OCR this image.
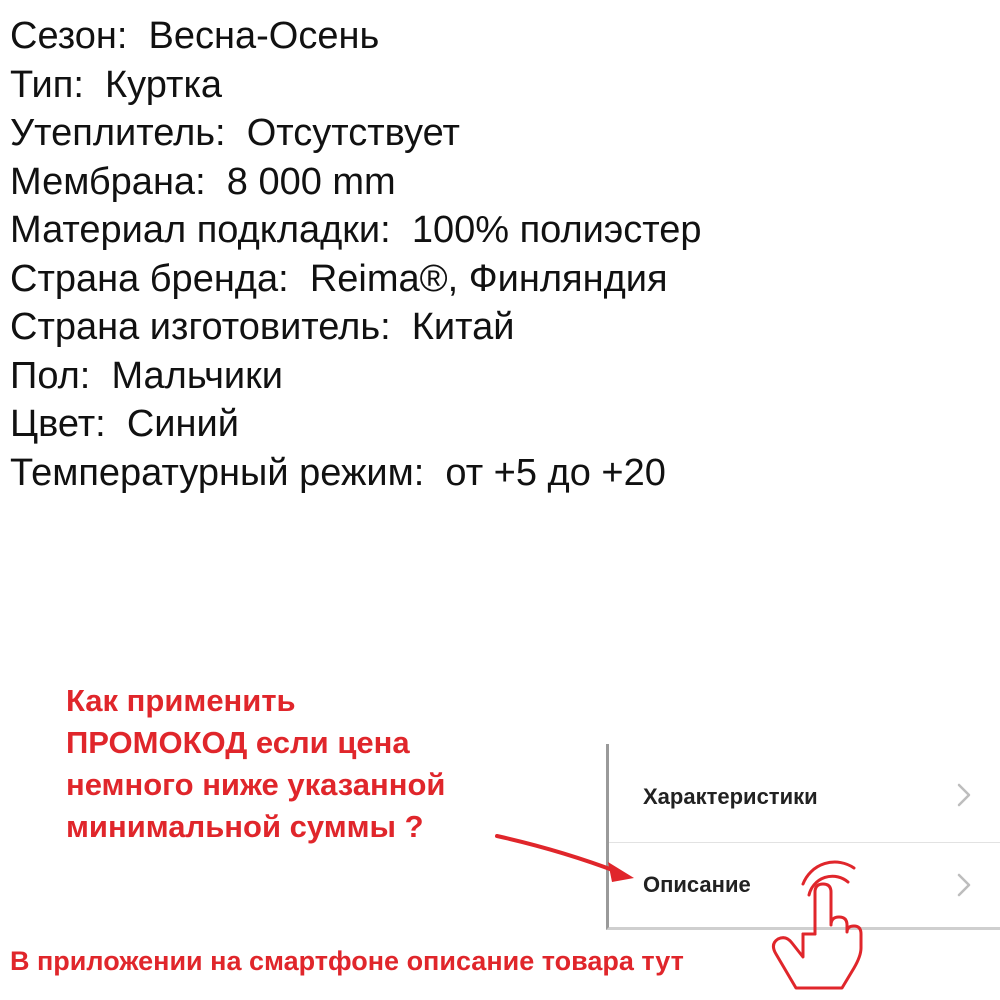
Сезон: Весна-Осень
Тип: Куртка
Утеплитель: Отсутствует
Мембрана: 8 000 mm
Материал подкладки: 100% полиэстер
Страна бренда: Reima®, Финляндия
Страна изготовитель: Китай
Пол: Мальчики
Цвет: Синий
Температурный режим: от +5 до +20
Как применить
ПРОМОКОД если цена
немного ниже указанной
минимальной суммы ?
Характеристики
Описание
В приложении на смартфоне описание товара тут
